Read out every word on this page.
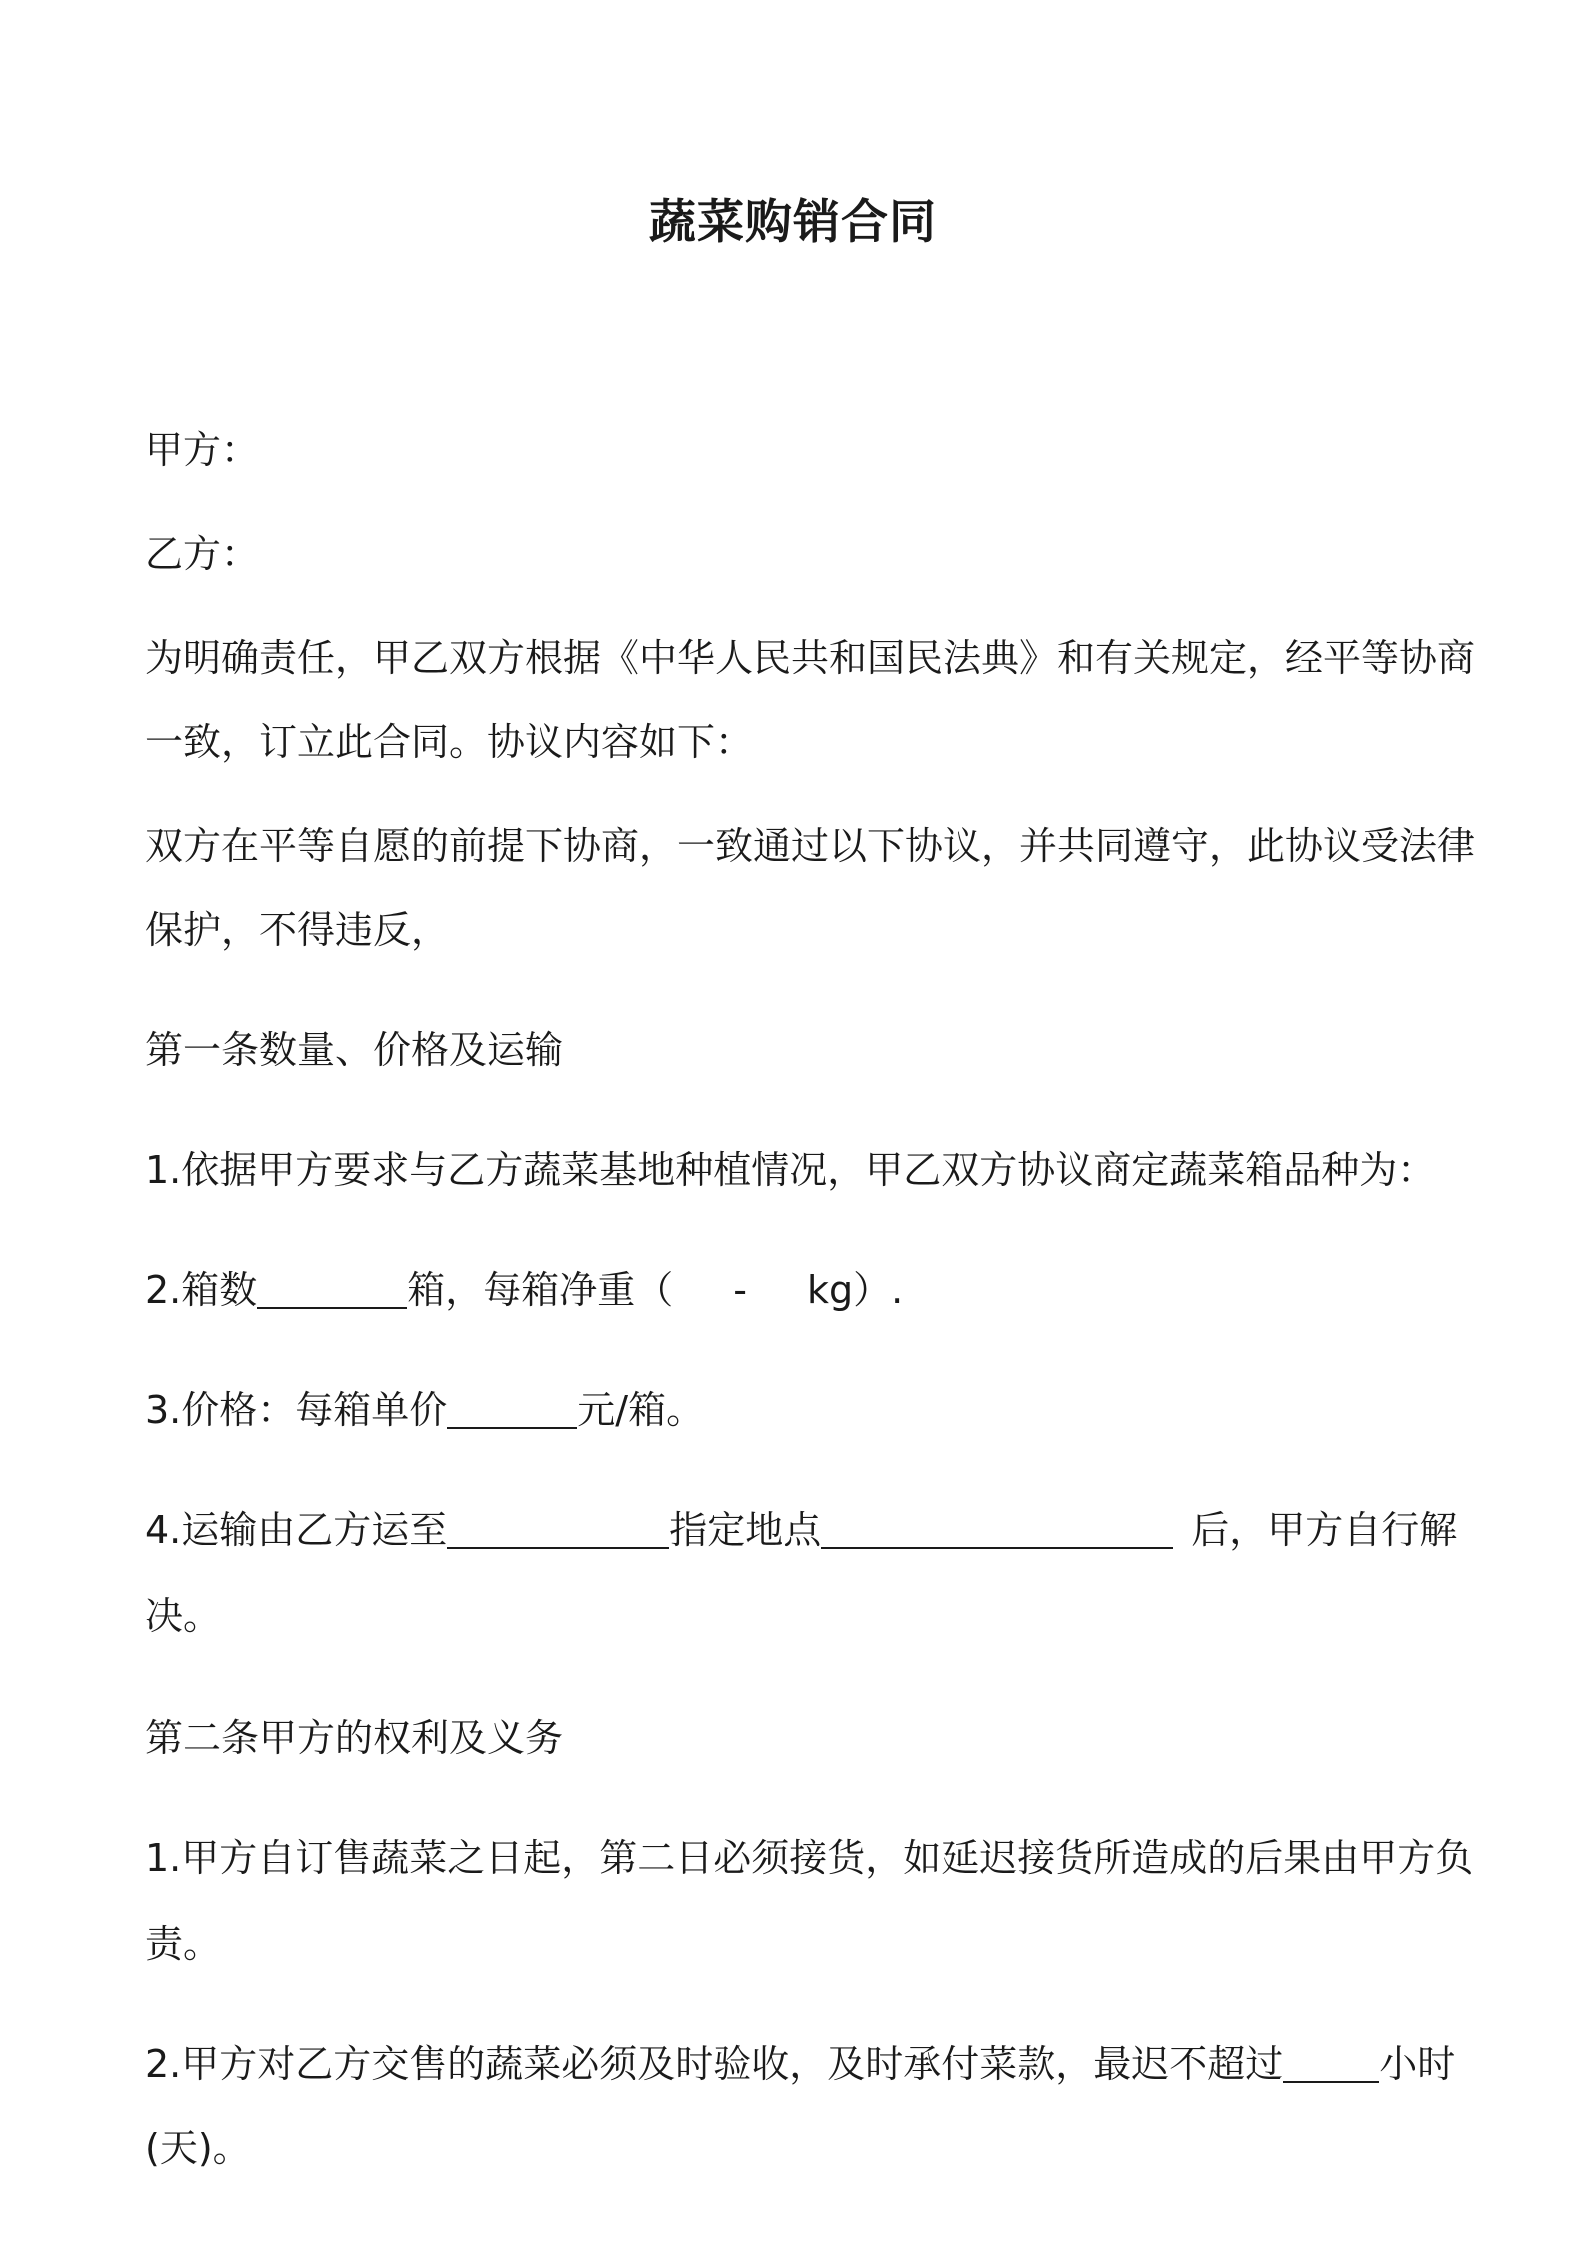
蔬菜购销合同
甲方：
乙方：
为明确责任，甲乙双方根据《中华人民共和国民法典》和有关规定，经平等协商
一致，订立此合同。协议内容如下：
双方在平等自愿的前提下协商，一致通过以下协议，并共同遵守，此协议受法律
保护，不得违反，
第一条数量、价格及运输
1.依据甲方要求与乙方蔬菜基地种植情况，甲乙双方协议商定蔬菜箱品种为：
2.箱数	箱，每箱净重（ - kg）.
3.价格：每箱单价	元/箱。
4.运输由乙方运至	指定地点	后，甲方自行解
决。
第二条甲方的权利及义务
1.甲方自订售蔬菜之日起，第二日必须接货，如延迟接货所造成的后果由甲方负
责。
2.甲方对乙方交售的蔬菜必须及时验收，及时承付菜款，最迟不超过	小时
(天)。
